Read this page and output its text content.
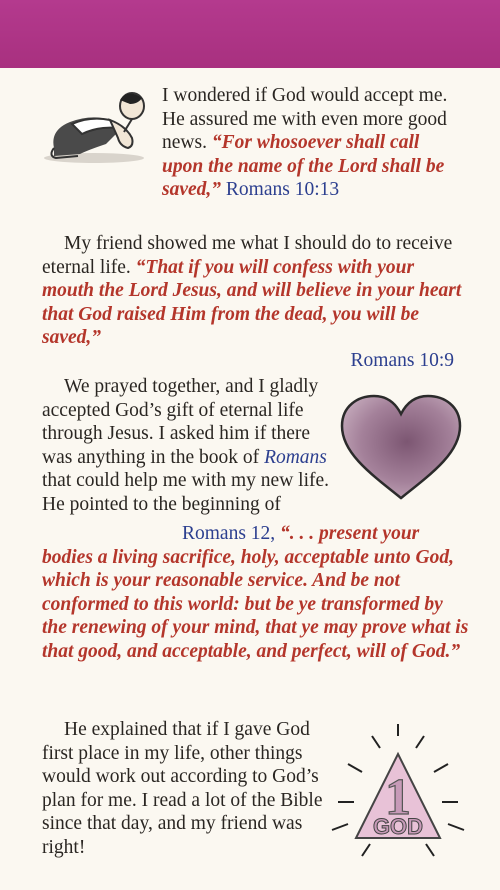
I wondered if God would accept me. He assured me with even more good news. “For whosoever shall call upon the name of the Lord shall be saved,” Romans 10:13

My friend showed me what I should do to receive eternal life. “That if you will confess with your mouth the Lord Jesus, and will believe in your heart that God raised Him from the dead, you will be saved,”

Romans 10:9
We prayed together, and I gladly accepted God’s gift of eternal life through Jesus. I asked him if there was anything in the book of Romans that could help me with my new life. He pointed to the beginning of

Romans 12, “. . . present your bodies a living sacrifice, holy, acceptable unto God, which is your reasonable service. And be not conformed to this world: but be ye transformed by the renewing of your mind, that ye may prove what is that good, and acceptable, and perfect, will of God.”

He explained that if I gave God first place in my life, other things would work out according to God’s plan for me. I read a lot of the Bible since that day, and my friend was right!

1
GOD
